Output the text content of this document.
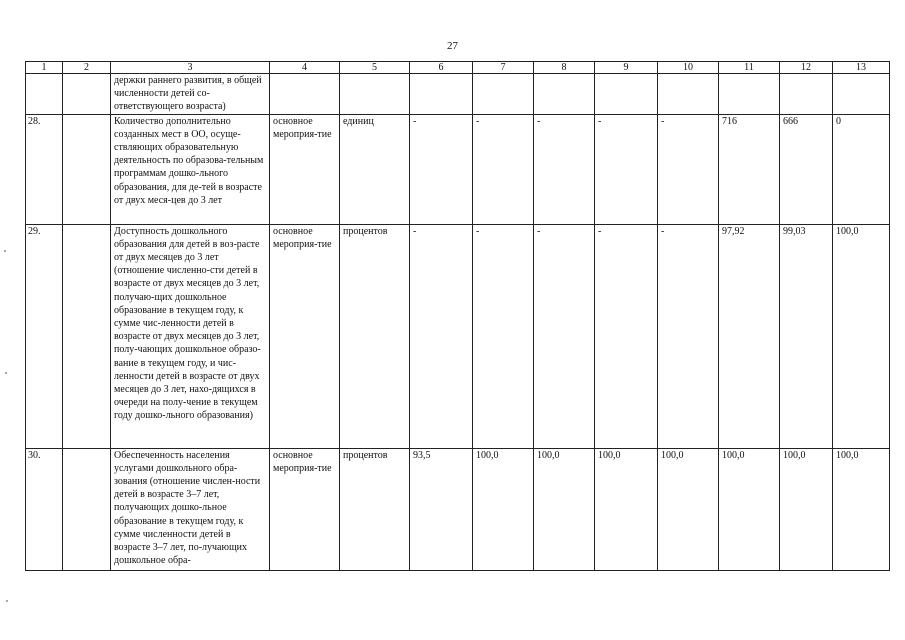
27
1	2	3	4	5	6	7	8	9	10	11	12	13
		держки раннего развития, в общей численности детей со-ответствующего возраста)										
28.		Количество дополнительно созданных мест в ОО, осуще-ствляющих образовательную деятельность по образова-тельным программам дошко-льного образования, для де-тей в возрасте от двух меся-цев до 3 лет	основное мероприя-тие	единиц	-	-	-	-	-	716	666	0
29.		Доступность дошкольного образования для детей в воз-расте от двух месяцев до 3 лет (отношение численно-сти детей в возрасте от двух месяцев до 3 лет, получаю-щих дошкольное образование в текущем году, к сумме чис-ленности детей в возрасте от двух месяцев до 3 лет, полу-чающих дошкольное образо-вание в текущем году, и чис-ленности детей в возрасте от двух месяцев до 3 лет, нахо-дящихся в очереди на полу-чение в текущем году дошко-льного образования)	основное мероприя-тие	процентов	-	-	-	-	-	97,92	99,03	100,0
30.		Обеспеченность населения услугами дошкольного обра-зования (отношение числен-ности детей в возрасте 3–7 лет, получающих дошко-льное образование в текущем году, к сумме численности детей в возрасте 3–7 лет, по-лучающих дошкольное обра-	основное мероприя-тие	процентов	93,5	100,0	100,0	100,0	100,0	100,0	100,0	100,0
